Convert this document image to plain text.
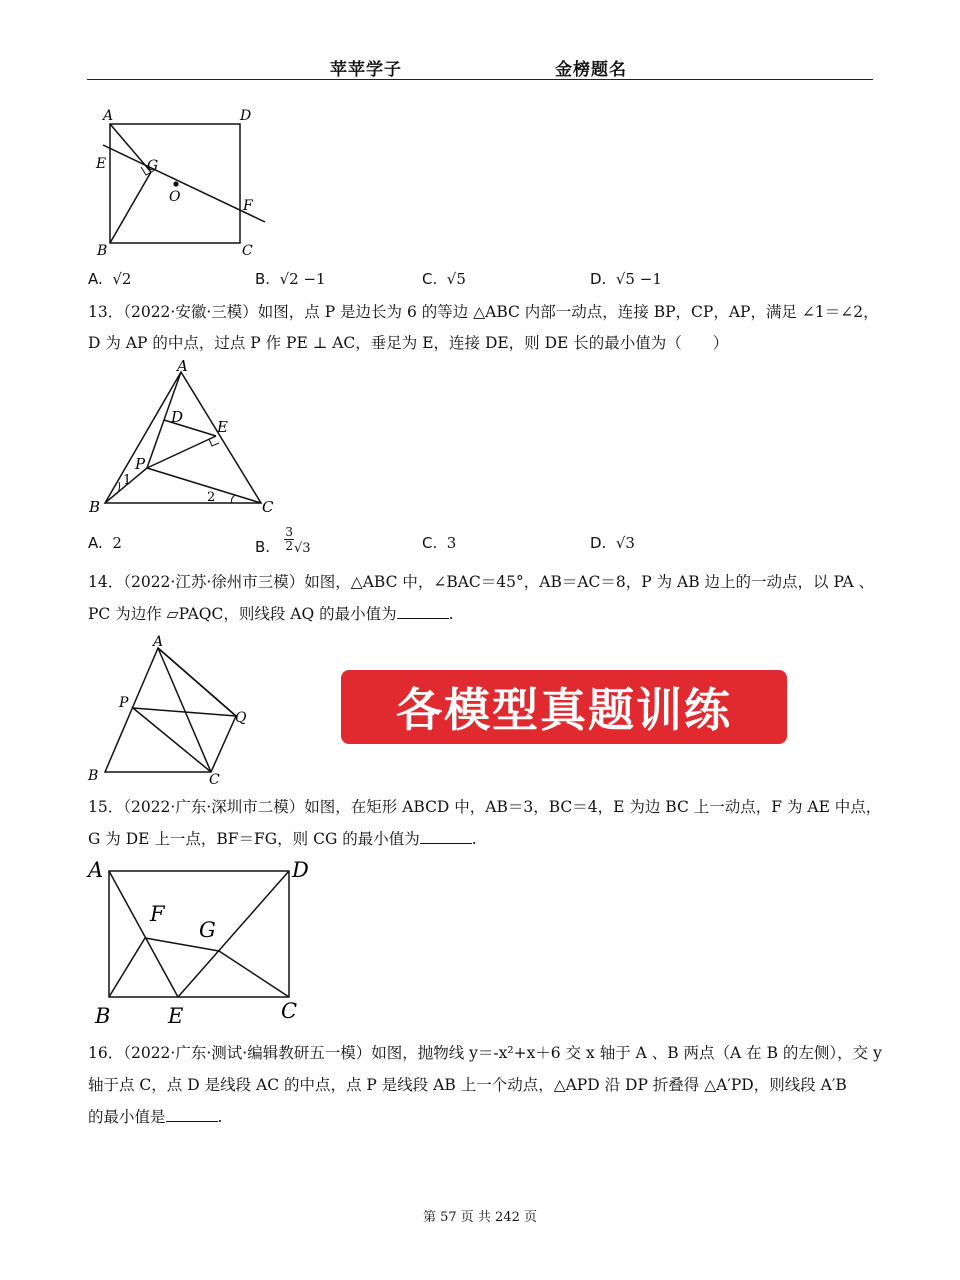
苹苹学子	金榜题名
A	D
E	G
O
F
B	C
A. √2	B. √2 −1	C. √5	D. √5 −1
13．（2022·安徽·三模）如图，点 P 是边长为 6 的等边 △ABC 内部一动点，连接 BP，CP，AP，满足 ∠1＝∠2，
D 为 AP 的中点，过点 P 作 PE ⊥ AC，垂足为 E，连接 DE，则 DE 长的最小值为（　　）
A
D
E
P
1
2
B	C
A. 2	B. $\frac{3}{2} √3$	C. 3	D. √3
14．（2022·江苏·徐州市三模）如图，△ABC 中，∠BAC＝45°，AB＝AC＝8，P 为 AB 边上的一动点，以 PA 、
PC 为边作 ▱PAQC，则线段 AQ 的最小值为	.
A
P
Q
B	C
各模型真题训练
15．（2022·广东·深圳市二模）如图，在矩形 ABCD 中，AB＝3，BC＝4，E 为边 BC 上一动点，F 为 AE 中点，
G 为 DE 上一点，BF＝FG，则 CG 的最小值为	.
A	D
F
G
B	E	C
16．（2022·广东·测试·编辑教研五一模）如图，抛物线 y＝-x²+x＋6 交 x 轴于 A 、B 两点（A 在 B 的左侧），交 y
轴于点 C，点 D 是线段 AC 的中点，点 P 是线段 AB 上一个动点，△APD 沿 DP 折叠得 △A′PD，则线段 A′B
的最小值是	.
第 57 页 共 242 页
